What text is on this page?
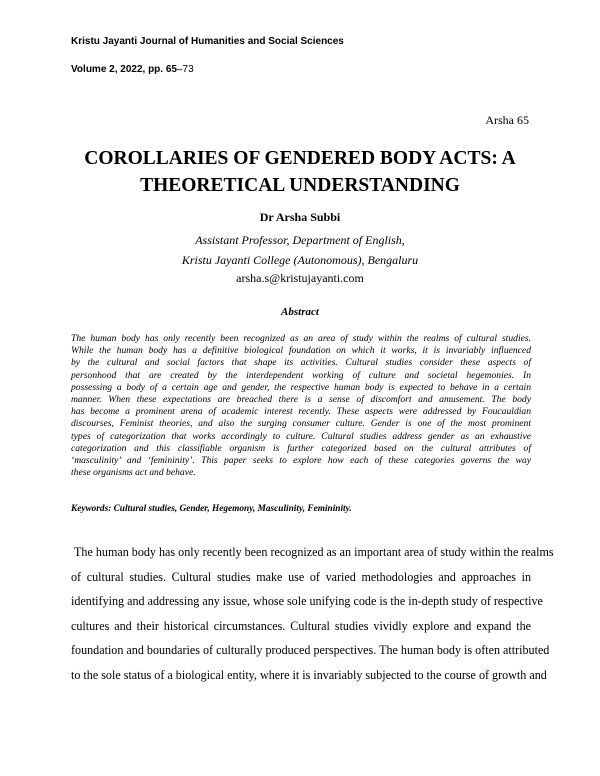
Kristu Jayanti Journal of Humanities and Social Sciences
Volume 2, 2022, pp. 65–73
Arsha 65
COROLLARIES OF GENDERED BODY ACTS: A
THEORETICAL UNDERSTANDING
Dr Arsha Subbi
Assistant Professor, Department of English,
Kristu Jayanti College (Autonomous), Bengaluru
arsha.s@kristujayanti.com
Abstract
The human body has only recently been recognized as an area of study within the realms of cultural studies.
While the human body has a definitive biological foundation on which it works, it is invariably influenced
by the cultural and social factors that shape its activities. Cultural studies consider these aspects of
personhood that are created by the interdependent working of culture and societal hegemonies. In
possessing a body of a certain age and gender, the respective human body is expected to behave in a certain
manner. When these expectations are breached there is a sense of discomfort and amusement. The body
has become a prominent arena of academic interest recently. These aspects were addressed by Foucauldian
discourses, Feminist theories, and also the surging consumer culture. Gender is one of the most prominent
types of categorization that works accordingly to culture. Cultural studies address gender as an exhaustive
categorization and this classifiable organism is further categorized based on the cultural attributes of
‘masculinity’ and ‘femininity’. This paper seeks to explore how each of these categories governs the way
these organisms act and behave.
Keywords: Cultural studies, Gender, Hegemony, Masculinity, Femininity.
The human body has only recently been recognized as an important area of study within the realms
of cultural studies. Cultural studies make use of varied methodologies and approaches in
identifying and addressing any issue, whose sole unifying code is the in-depth study of respective
cultures and their historical circumstances. Cultural studies vividly explore and expand the
foundation and boundaries of culturally produced perspectives. The human body is often attributed
to the sole status of a biological entity, where it is invariably subjected to the course of growth and
